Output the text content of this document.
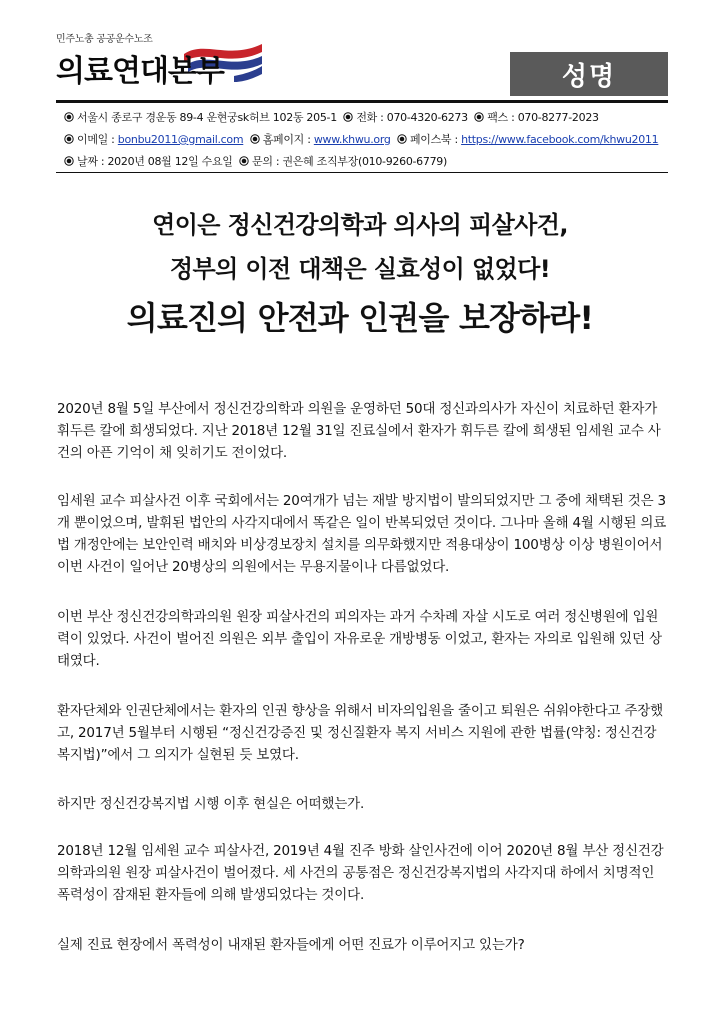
민주노총 공공운수노조
의료연대본부	성명
서울시 종로구 경운동 89-4 운현궁sk허브 102동 205-1 전화 : 070-4320-6273 팩스 : 070-8277-2023
이메일 : bonbu2011@gmail.com 홈페이지 : www.khwu.org 페이스북 : https://www.facebook.com/khwu2011
날짜 : 2020년 08월 12일 수요일 문의 : 권은혜 조직부장(010-9260-6779)
연이은 정신건강의학과 의사의 피살사건,
정부의 이전 대책은 실효성이 없었다!
의료진의 안전과 인권을 보장하라!

2020년 8월 5일 부산에서 정신건강의학과 의원을 운영하던 50대 정신과의사가 자신이 치료하던 환자가 휘두른 칼에 희생되었다. 지난 2018년 12월 31일 진료실에서 환자가 휘두른 칼에 희생된 임세원 교수 사건의 아픈 기억이 채 잊히기도 전이었다.

임세원 교수 피살사건 이후 국회에서는 20여개가 넘는 재발 방지법이 발의되었지만 그 중에 채택된 것은 3개 뿐이었으며, 발휘된 법안의 사각지대에서 똑같은 일이 반복되었던 것이다. 그나마 올해 4월 시행된 의료법 개정안에는 보안인력 배치와 비상경보장치 설치를 의무화했지만 적용대상이 100병상 이상 병원이어서 이번 사건이 일어난 20병상의 의원에서는 무용지물이나 다름없었다.

이번 부산 정신건강의학과의원 원장 피살사건의 피의자는 과거 수차례 자살 시도로 여러 정신병원에 입원력이 있었다. 사건이 벌어진 의원은 외부 출입이 자유로운 개방병동 이었고, 환자는 자의로 입원해 있던 상태였다.

환자단체와 인권단체에서는 환자의 인권 향상을 위해서 비자의입원을 줄이고 퇴원은 쉬워야한다고 주장했고, 2017년 5월부터 시행된 “정신건강증진 및 정신질환자 복지 서비스 지원에 관한 법률(약칭: 정신건강복지법)”에서 그 의지가 실현된 듯 보였다.

하지만 정신건강복지법 시행 이후 현실은 어떠했는가.

2018년 12월 임세원 교수 피살사건, 2019년 4월 진주 방화 살인사건에 이어 2020년 8월 부산 정신건강의학과의원 원장 피살사건이 벌어졌다. 세 사건의 공통점은 정신건강복지법의 사각지대 하에서 치명적인 폭력성이 잠재된 환자들에 의해 발생되었다는 것이다.

실제 진료 현장에서 폭력성이 내재된 환자들에게 어떤 진료가 이루어지고 있는가?
